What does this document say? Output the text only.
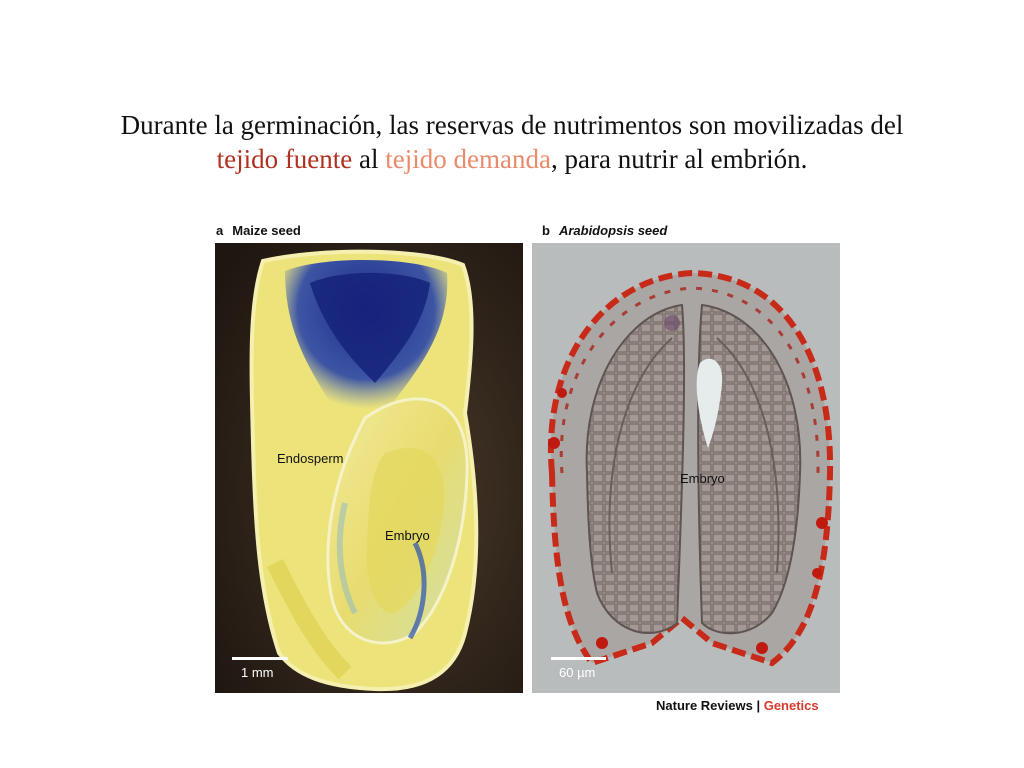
Durante la germinación, las reservas de nutrimentos son movilizadas del
tejido fuente al tejido demanda, para nutrir al embrión.
a Maize seed	b Arabidopsis seed
Endosperm
Embryo
1 mm
Embryo
60 µm
Nature Reviews | Genetics
